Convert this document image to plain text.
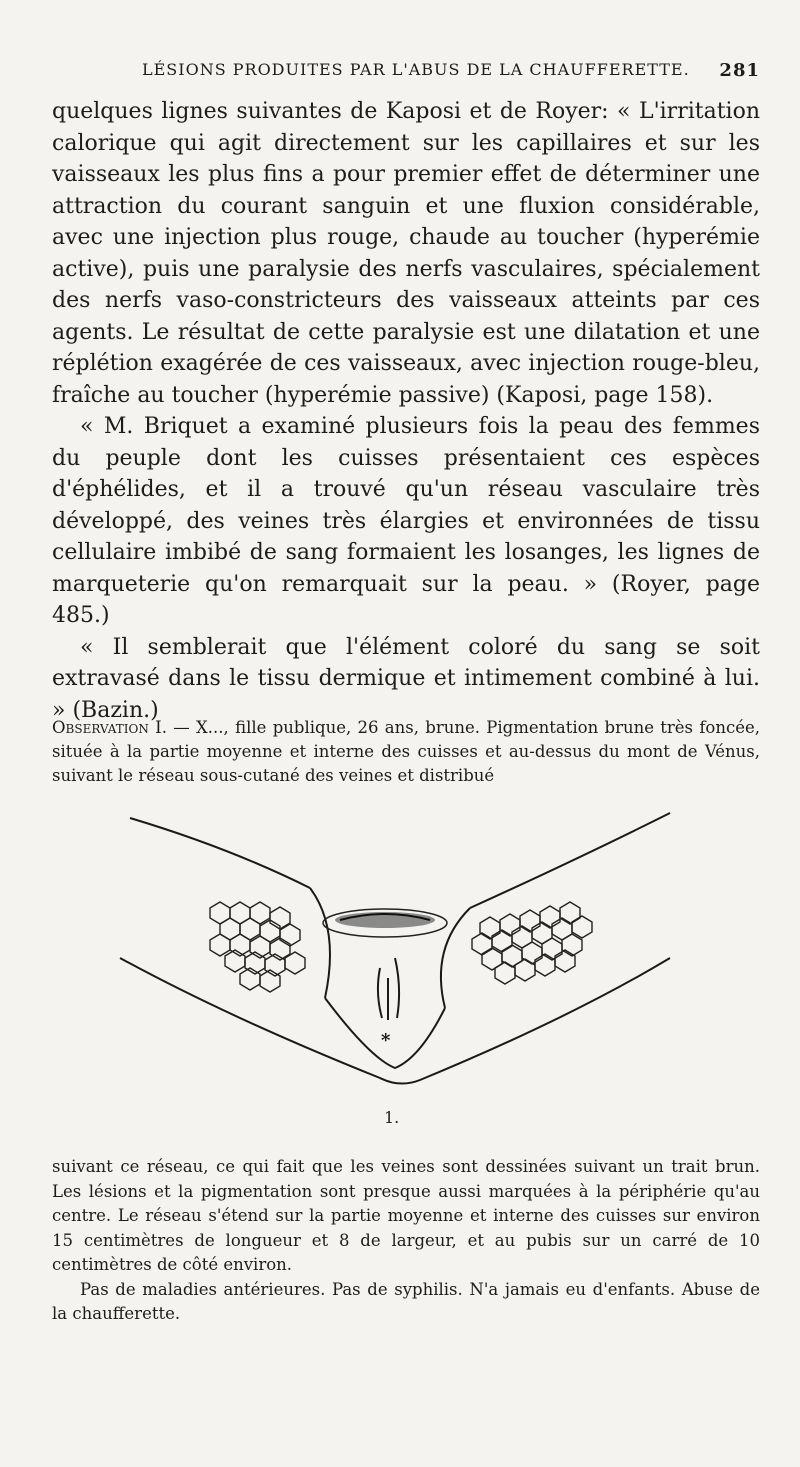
LÉSIONS PRODUITES PAR L'ABUS DE LA CHAUFFERETTE. 281

quelques lignes suivantes de Kaposi et de Royer: « L'irritation calorique qui agit directement sur les capillaires et sur les vaisseaux les plus fins a pour premier effet de déterminer une attraction du courant sanguin et une fluxion considérable, avec une injection plus rouge, chaude au toucher (hyperémie active), puis une paralysie des nerfs vasculaires, spécialement des nerfs vaso-constricteurs des vaisseaux atteints par ces agents. Le résultat de cette paralysie est une dilatation et une réplétion exagérée de ces vaisseaux, avec injection rouge-bleu, fraîche au toucher (hyperémie passive) (Kaposi, page 158).

« M. Briquet a examiné plusieurs fois la peau des femmes du peuple dont les cuisses présentaient ces espèces d'éphélides, et il a trouvé qu'un réseau vasculaire très développé, des veines très élargies et environnées de tissu cellulaire imbibé de sang formaient les losanges, les lignes de marqueterie qu'on remarquait sur la peau. » (Royer, page 485.)

« Il semblerait que l'élément coloré du sang se soit extravasé dans le tissu dermique et intimement combiné à lui. » (Bazin.)

Observation I. — X..., fille publique, 26 ans, brune. Pigmentation brune très foncée, située à la partie moyenne et interne des cuisses et au-dessus du mont de Vénus, suivant le réseau sous-cutané des veines et distribué

*
1.

suivant ce réseau, ce qui fait que les veines sont dessinées suivant un trait brun. Les lésions et la pigmentation sont presque aussi marquées à la périphérie qu'au centre. Le réseau s'étend sur la partie moyenne et interne des cuisses sur environ 15 centimètres de longueur et 8 de largeur, et au pubis sur un carré de 10 centimètres de côté environ.

Pas de maladies antérieures. Pas de syphilis. N'a jamais eu d'enfants. Abuse de la chaufferette.
